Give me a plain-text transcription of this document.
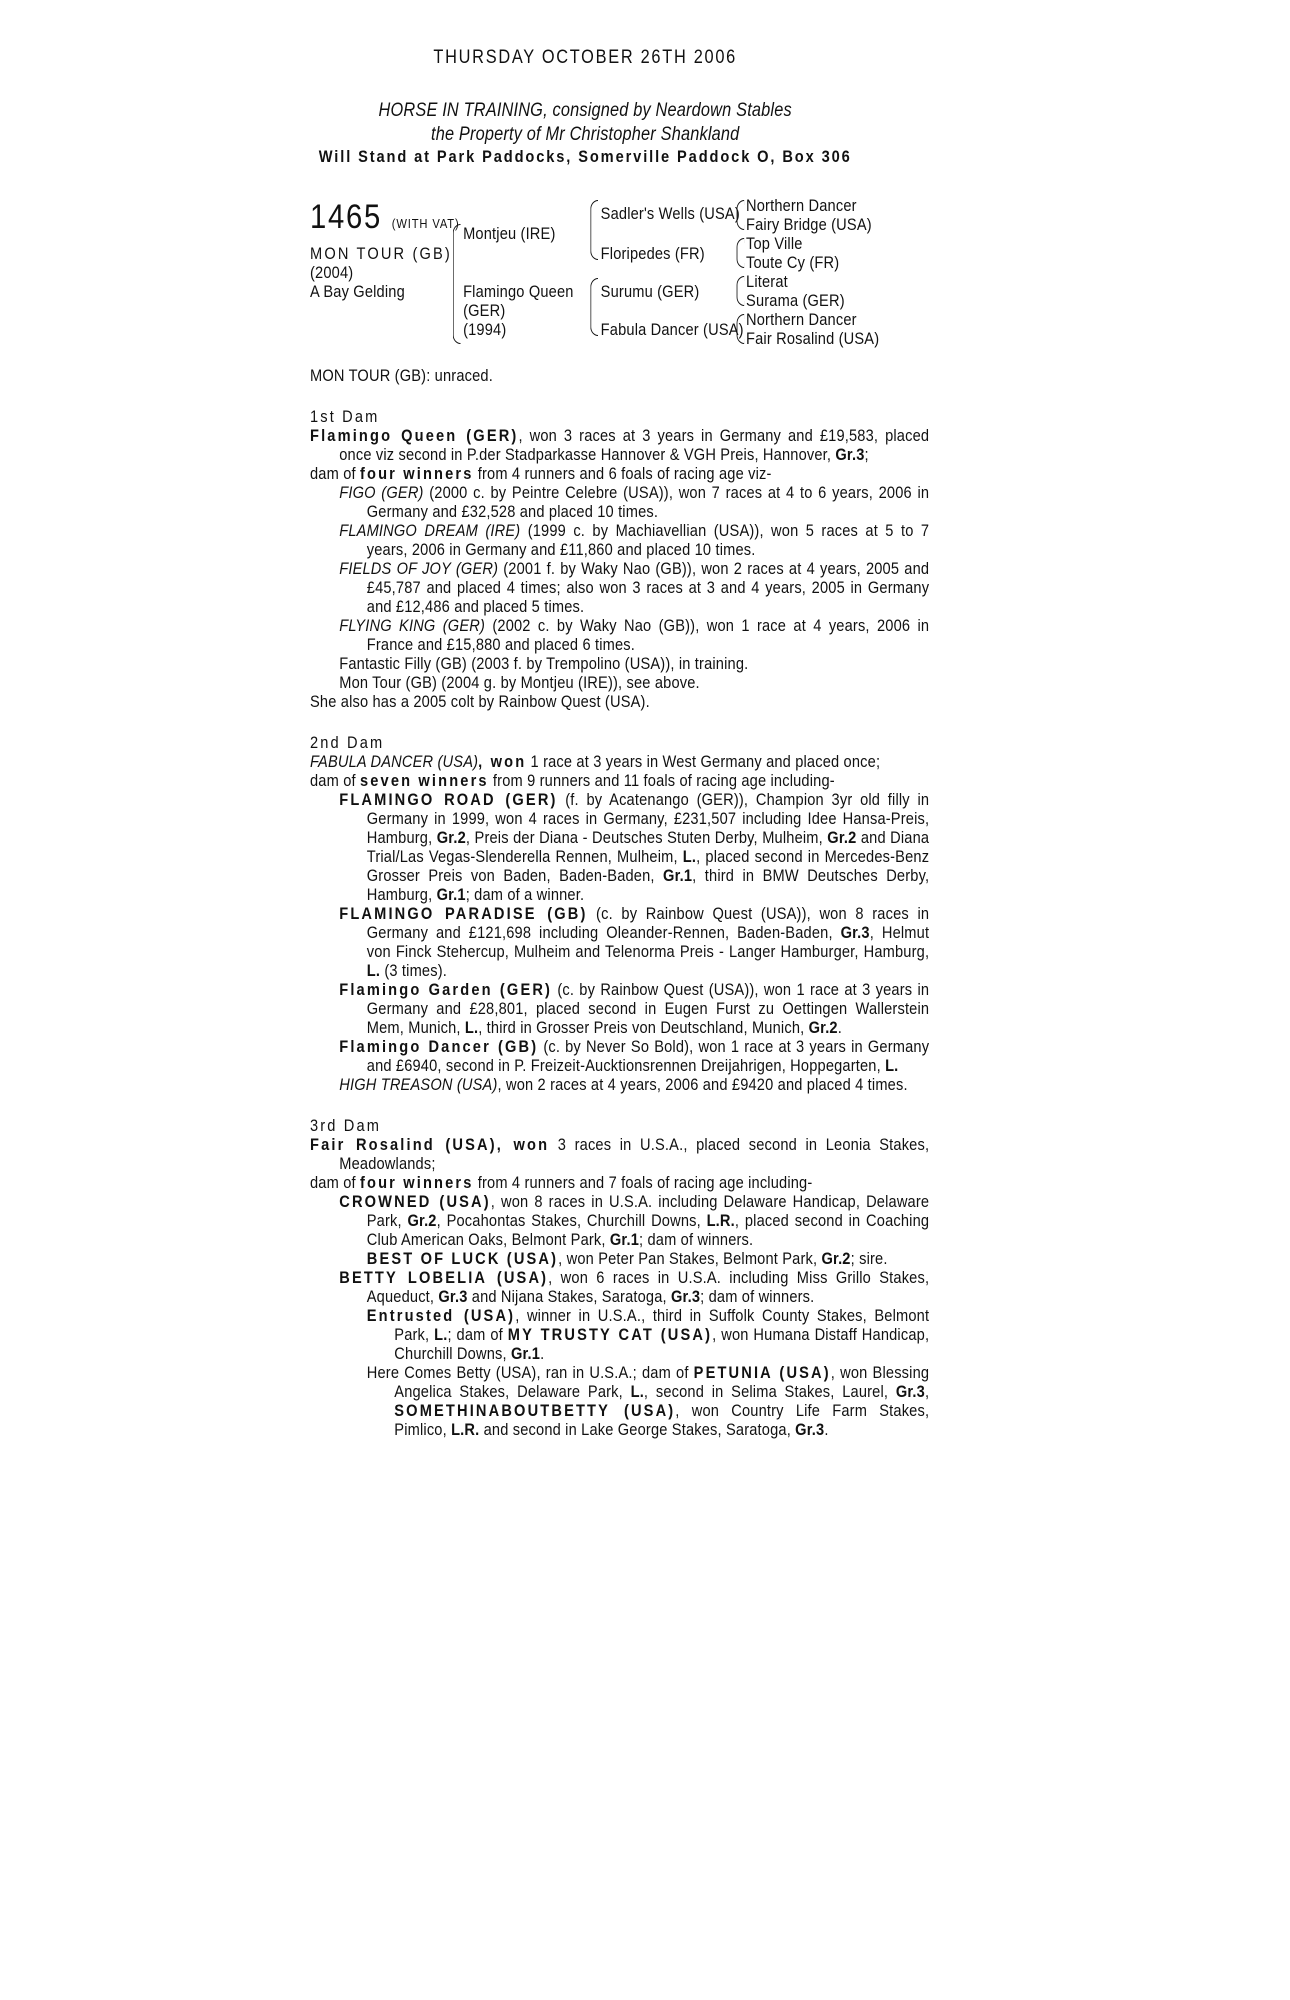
THURSDAY OCTOBER 26TH 2006
HORSE IN TRAINING, consigned by Neardown Stables
the Property of Mr Christopher Shankland
Will Stand at Park Paddocks, Somerville Paddock O, Box 306
1465 (WITH VAT)
MON TOUR (GB)
(2004)
A Bay Gelding
Montjeu (IRE)
Flamingo Queen
(GER)
(1994)
Sadler's Wells (USA)
Floripedes (FR)
Surumu (GER)
Fabula Dancer (USA)
Northern Dancer
Fairy Bridge (USA)
Top Ville
Toute Cy (FR)
Literat
Surama (GER)
Northern Dancer
Fair Rosalind (USA)

MON TOUR (GB): unraced.

1st Dam

Flamingo Queen (GER), won 3 races at 3 years in Germany and £19,583, placed once viz second in P.der Stadparkasse Hannover & VGH Preis, Hannover, Gr.3;

dam of four winners from 4 runners and 6 foals of racing age viz-

FIGO (GER) (2000 c. by Peintre Celebre (USA)), won 7 races at 4 to 6 years, 2006 in Germany and £32,528 and placed 10 times.

FLAMINGO DREAM (IRE) (1999 c. by Machiavellian (USA)), won 5 races at 5 to 7 years, 2006 in Germany and £11,860 and placed 10 times.

FIELDS OF JOY (GER) (2001 f. by Waky Nao (GB)), won 2 races at 4 years, 2005 and £45,787 and placed 4 times; also won 3 races at 3 and 4 years, 2005 in Germany and £12,486 and placed 5 times.

FLYING KING (GER) (2002 c. by Waky Nao (GB)), won 1 race at 4 years, 2006 in France and £15,880 and placed 6 times.

Fantastic Filly (GB) (2003 f. by Trempolino (USA)), in training.

Mon Tour (GB) (2004 g. by Montjeu (IRE)), see above.

She also has a 2005 colt by Rainbow Quest (USA).

2nd Dam

FABULA DANCER (USA), won 1 race at 3 years in West Germany and placed once;

dam of seven winners from 9 runners and 11 foals of racing age including-

FLAMINGO ROAD (GER) (f. by Acatenango (GER)), Champion 3yr old filly in Germany in 1999, won 4 races in Germany, £231,507 including Idee Hansa-Preis, Hamburg, Gr.2, Preis der Diana - Deutsches Stuten Derby, Mulheim, Gr.2 and Diana Trial/Las Vegas-Slenderella Rennen, Mulheim, L., placed second in Mercedes-Benz Grosser Preis von Baden, Baden-Baden, Gr.1, third in BMW Deutsches Derby, Hamburg, Gr.1; dam of a winner.

FLAMINGO PARADISE (GB) (c. by Rainbow Quest (USA)), won 8 races in Germany and £121,698 including Oleander-Rennen, Baden-Baden, Gr.3, Helmut von Finck Stehercup, Mulheim and Telenorma Preis - Langer Hamburger, Hamburg, L. (3 times).

Flamingo Garden (GER) (c. by Rainbow Quest (USA)), won 1 race at 3 years in Germany and £28,801, placed second in Eugen Furst zu Oettingen Wallerstein Mem, Munich, L., third in Grosser Preis von Deutschland, Munich, Gr.2.

Flamingo Dancer (GB) (c. by Never So Bold), won 1 race at 3 years in Germany and £6940, second in P. Freizeit-Aucktionsrennen Dreijahrigen, Hoppegarten, L.

HIGH TREASON (USA), won 2 races at 4 years, 2006 and £9420 and placed 4 times.

3rd Dam

Fair Rosalind (USA), won 3 races in U.S.A., placed second in Leonia Stakes, Meadowlands;

dam of four winners from 4 runners and 7 foals of racing age including-

CROWNED (USA), won 8 races in U.S.A. including Delaware Handicap, Delaware Park, Gr.2, Pocahontas Stakes, Churchill Downs, L.R., placed second in Coaching Club American Oaks, Belmont Park, Gr.1; dam of winners.

BEST OF LUCK (USA), won Peter Pan Stakes, Belmont Park, Gr.2; sire.

BETTY LOBELIA (USA), won 6 races in U.S.A. including Miss Grillo Stakes, Aqueduct, Gr.3 and Nijana Stakes, Saratoga, Gr.3; dam of winners.

Entrusted (USA), winner in U.S.A., third in Suffolk County Stakes, Belmont Park, L.; dam of MY TRUSTY CAT (USA), won Humana Distaff Handicap, Churchill Downs, Gr.1.

Here Comes Betty (USA), ran in U.S.A.; dam of PETUNIA (USA), won Blessing Angelica Stakes, Delaware Park, L., second in Selima Stakes, Laurel, Gr.3, SOMETHINABOUTBETTY (USA), won Country Life Farm Stakes, Pimlico, L.R. and second in Lake George Stakes, Saratoga, Gr.3.
